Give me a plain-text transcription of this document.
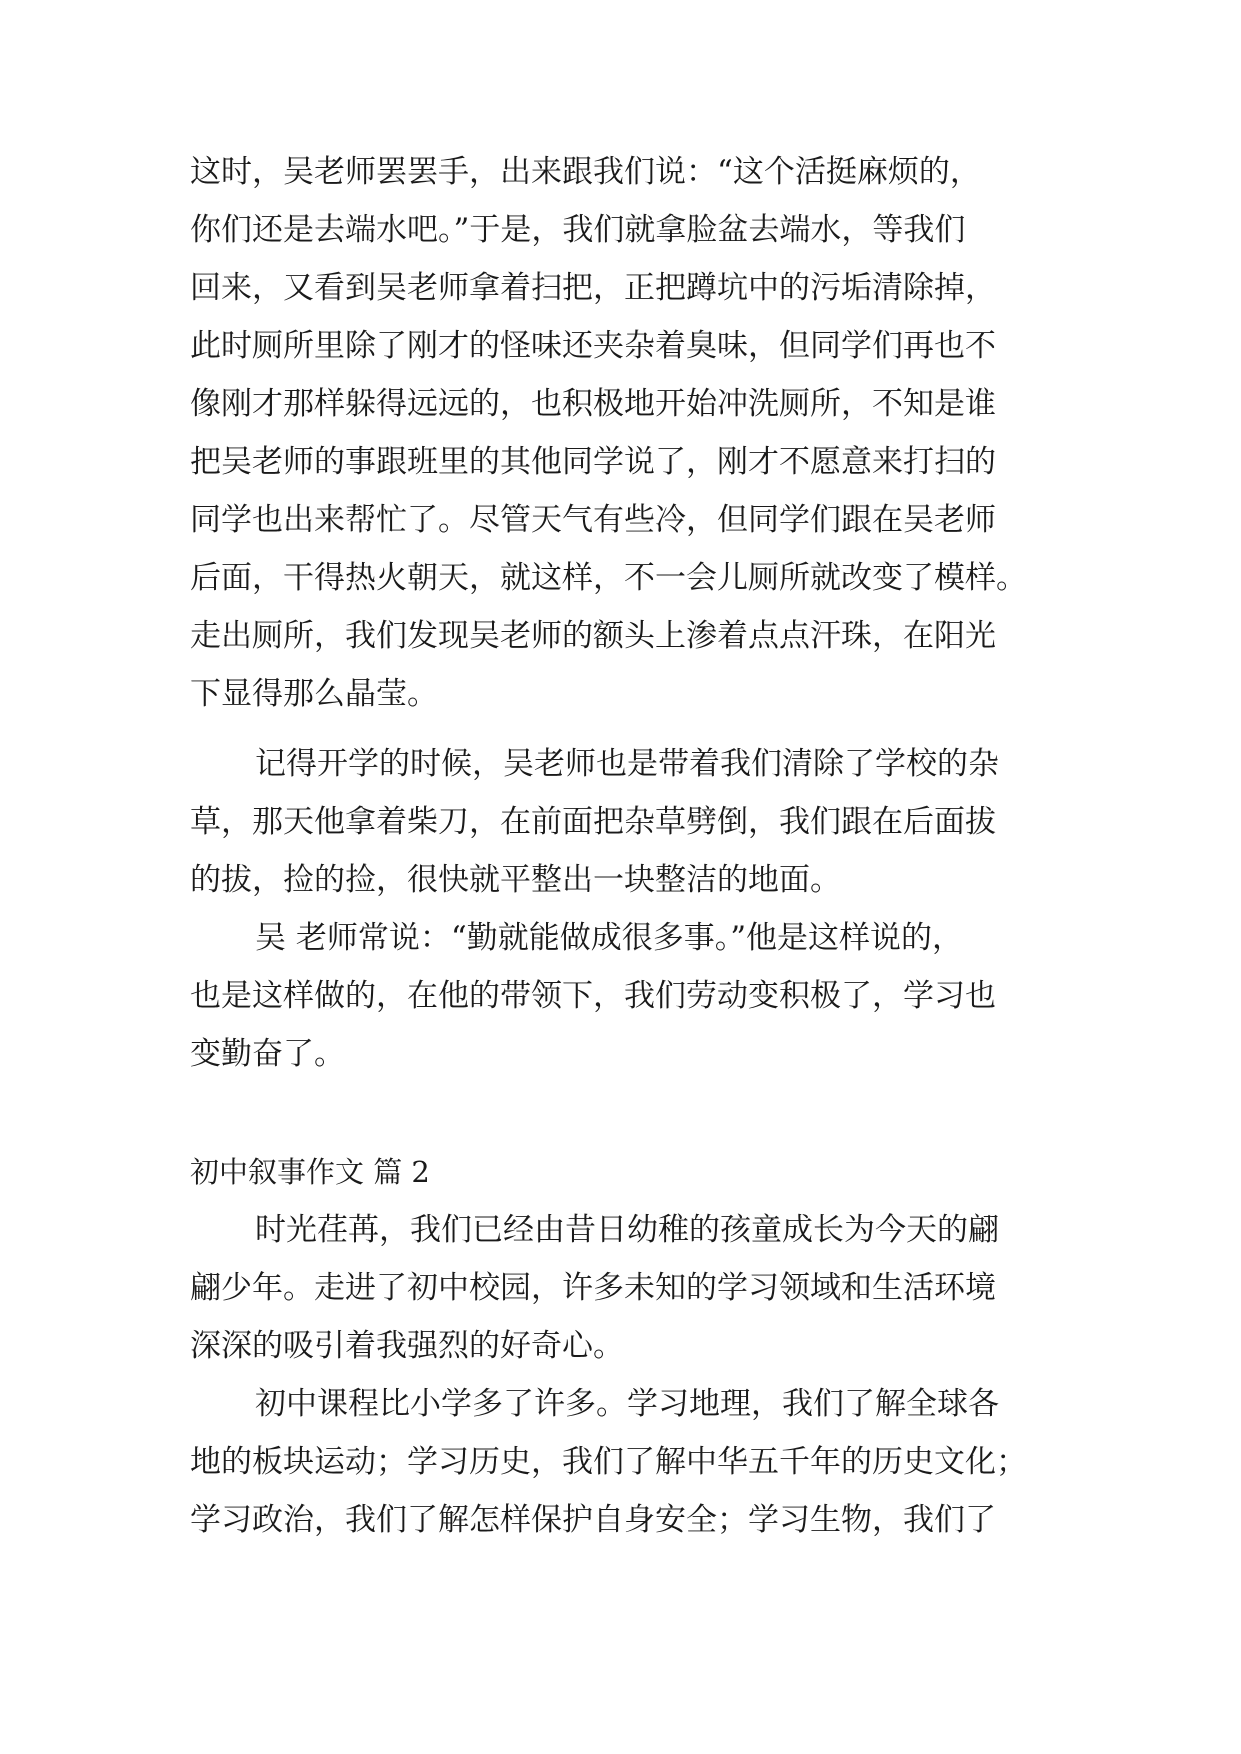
这时，吴老师罢罢手，出来跟我们说：“这个活挺麻烦的，
你们还是去端水吧。”于是，我们就拿脸盆去端水，等我们
回来，又看到吴老师拿着扫把，正把蹲坑中的污垢清除掉，
此时厕所里除了刚才的怪味还夹杂着臭味，但同学们再也不
像刚才那样躲得远远的，也积极地开始冲洗厕所，不知是谁
把吴老师的事跟班里的其他同学说了，刚才不愿意来打扫的
同学也出来帮忙了。尽管天气有些冷，但同学们跟在吴老师
后面，干得热火朝天，就这样，不一会儿厕所就改变了模样。
走出厕所，我们发现吴老师的额头上渗着点点汗珠，在阳光
下显得那么晶莹。
记得开学的时候，吴老师也是带着我们清除了学校的杂
草，那天他拿着柴刀，在前面把杂草劈倒，我们跟在后面拔
的拔，捡的捡，很快就平整出一块整洁的地面。
吴 老师常说：“勤就能做成很多事。”他是这样说的，
也是这样做的，在他的带领下，我们劳动变积极了，学习也
变勤奋了。
初中叙事作文 篇 2
时光荏苒，我们已经由昔日幼稚的孩童成长为今天的翩
翩少年。走进了初中校园，许多未知的学习领域和生活环境
深深的吸引着我强烈的好奇心。
初中课程比小学多了许多。学习地理，我们了解全球各
地的板块运动；学习历史，我们了解中华五千年的历史文化；
学习政治，我们了解怎样保护自身安全；学习生物，我们了
